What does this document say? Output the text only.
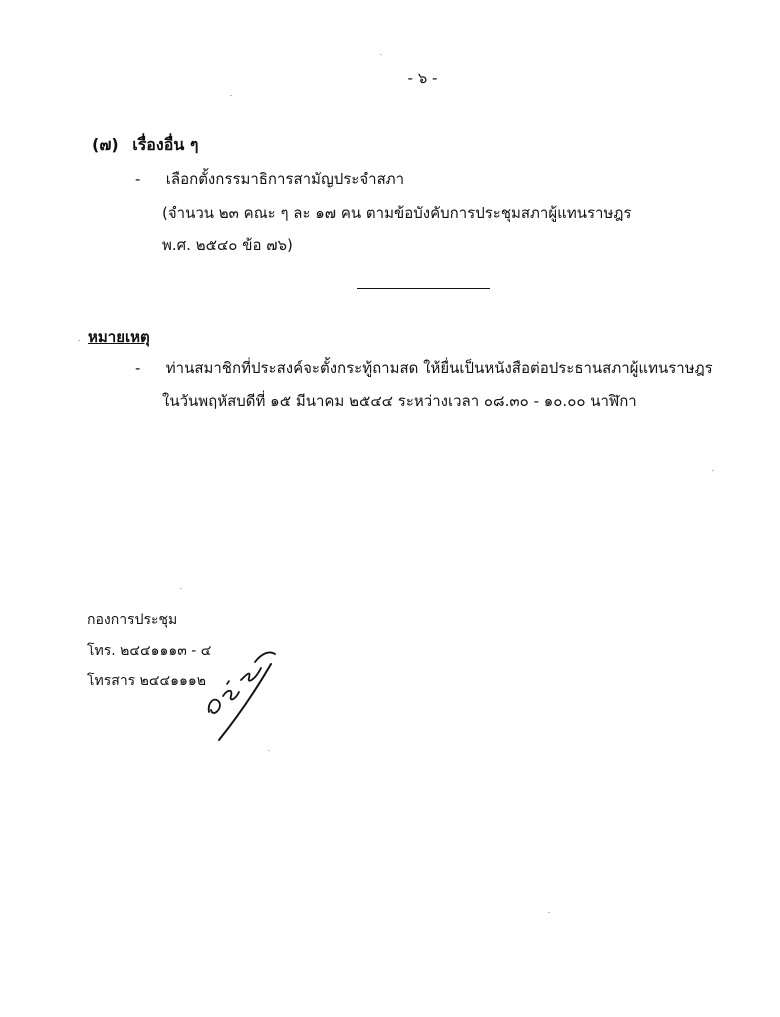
- ๖ -
(๗) เรื่องอื่น ๆ
- เลือกตั้งกรรมาธิการสามัญประจำสภา
(จำนวน ๒๓ คณะ ๆ ละ ๑๗ คน ตามข้อบังคับการประชุมสภาผู้แทนราษฎร
พ.ศ. ๒๕๔๐ ข้อ ๗๖)
หมายเหตุ
- ท่านสมาชิกที่ประสงค์จะตั้งกระทู้ถามสด ให้ยื่นเป็นหนังสือต่อประธานสภาผู้แทนราษฎร
ในวันพฤหัสบดีที่ ๑๕ มีนาคม ๒๕๔๔ ระหว่างเวลา ๐๘.๓๐ - ๑๐.๐๐ นาฬิกา
กองการประชุม
โทร. ๒๔๔๑๑๑๓ - ๔
โทรสาร ๒๔๔๑๑๑๒
